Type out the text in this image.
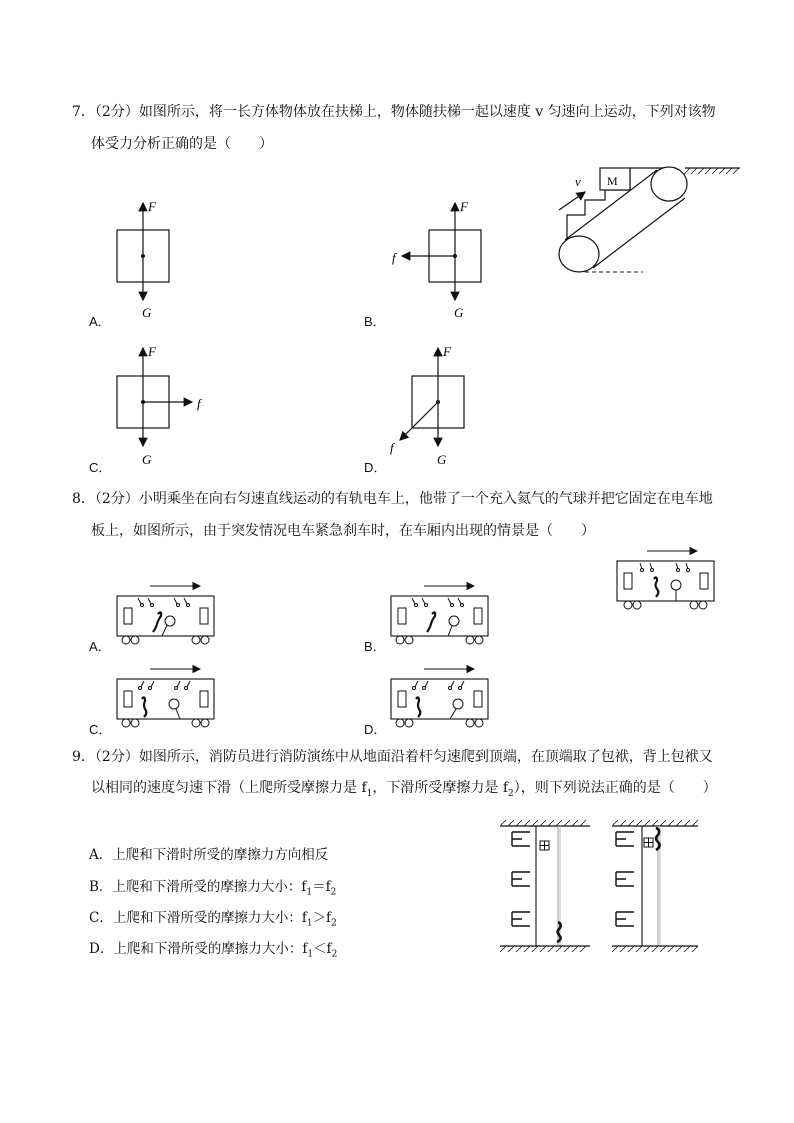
7．（2分）如图所示，将一长方体物体放在扶梯上，物体随扶梯一起以速度 v 匀速向上运动，下列对该物
体受力分析正确的是（　　）
M
v
F
G
A．
F
G
f
B．
F
G
f
C．
F
G
f
D．
8．（2分）小明乘坐在向右匀速直线运动的有轨电车上，他带了一个充入氦气的气球并把它固定在电车地
板上，如图所示，由于突发情况电车紧急刹车时，在车厢内出现的情景是（　　）
A．	B．
C．	D．
9．（2分）如图所示，消防员进行消防演练中从地面沿着杆匀速爬到顶端，在顶端取了包袱，背上包袱又
以相同的速度匀速下滑（上爬所受摩擦力是 $f_1$，下滑所受摩擦力是 $f_2$），则下列说法正确的是（　　）
A．上爬和下滑时所受的摩擦力方向相反
B．上爬和下滑所受的摩擦力大小：$f_1=f_2$
C．上爬和下滑所受的摩擦力大小：$f_1>f_2$
D．上爬和下滑所受的摩擦力大小：$f_1<f_2$
